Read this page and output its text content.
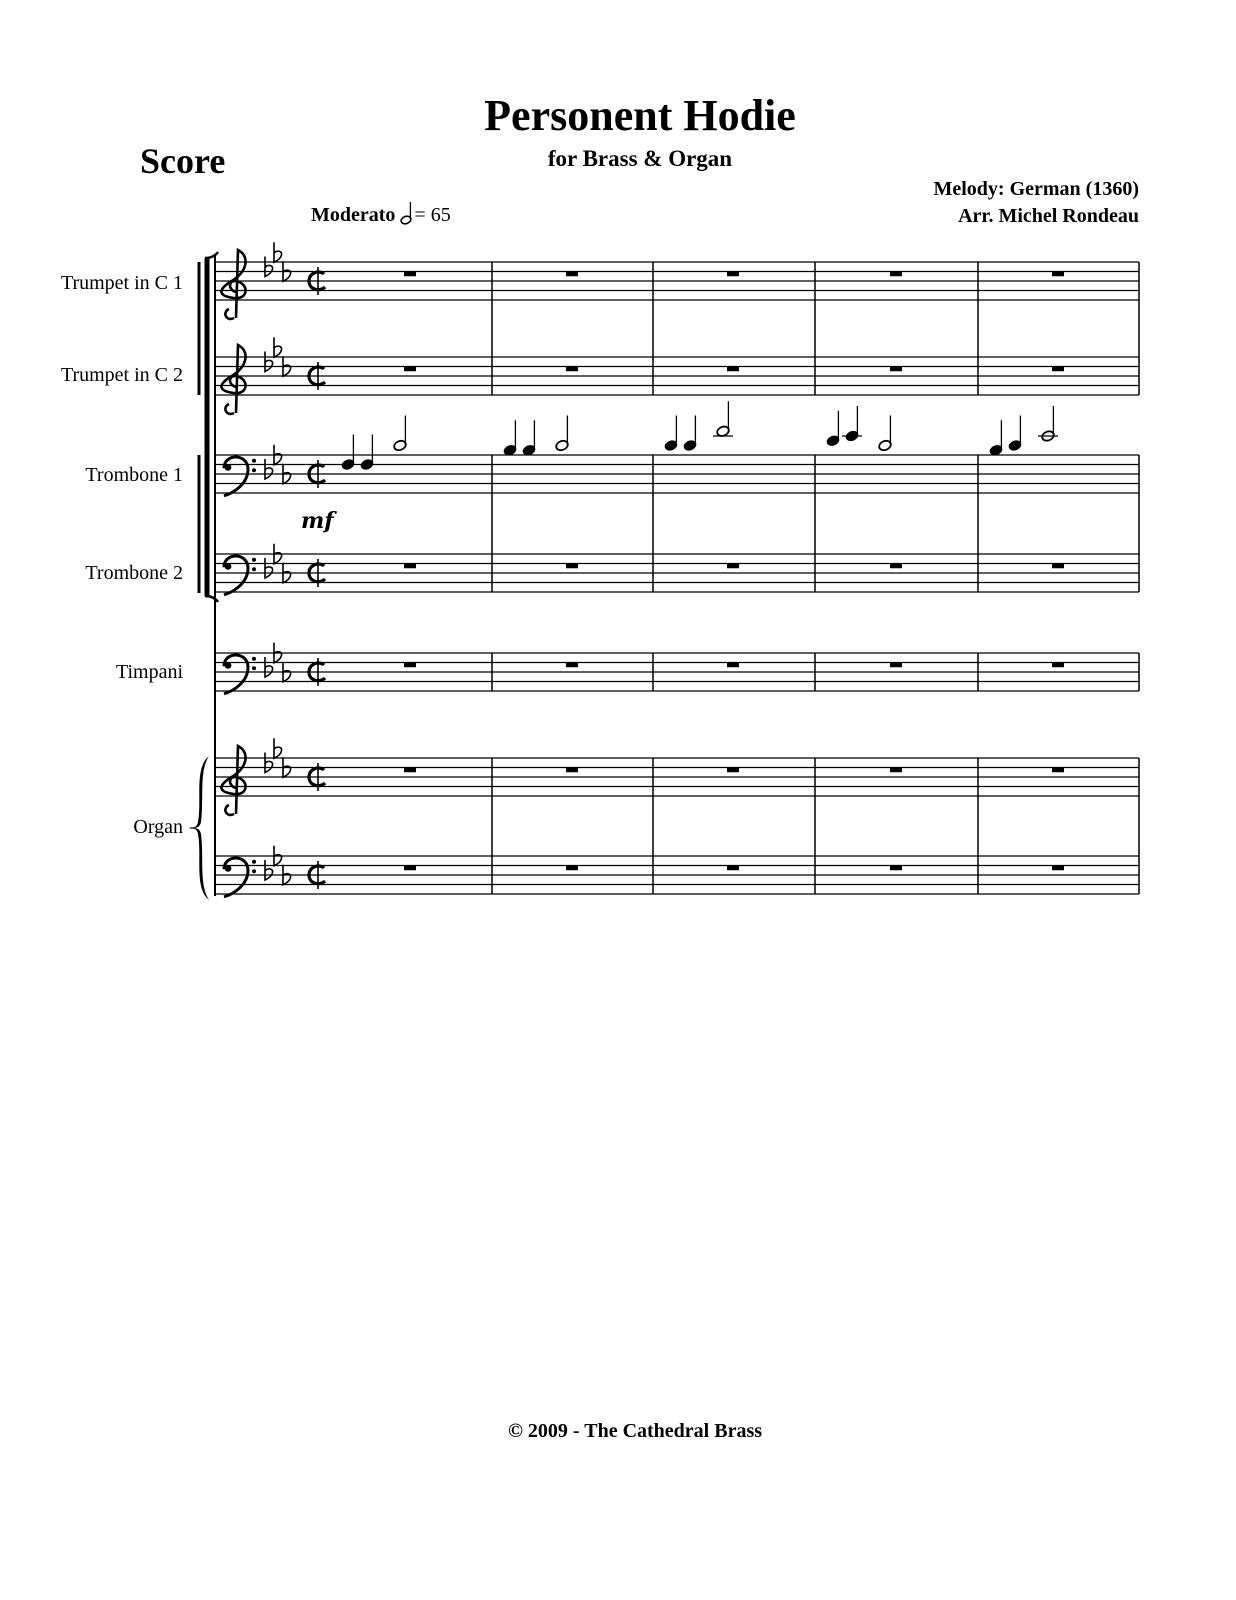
Personent Hodie
for Brass & Organ
Score
Melody: German (1360)
Arr. Michel Rondeau
Moderato = 65
Trumpet in C 1
Trumpet in C 2
Trombone 1
Trombone 2
Timpani
Organ
mf
© 2009 - The Cathedral Brass
